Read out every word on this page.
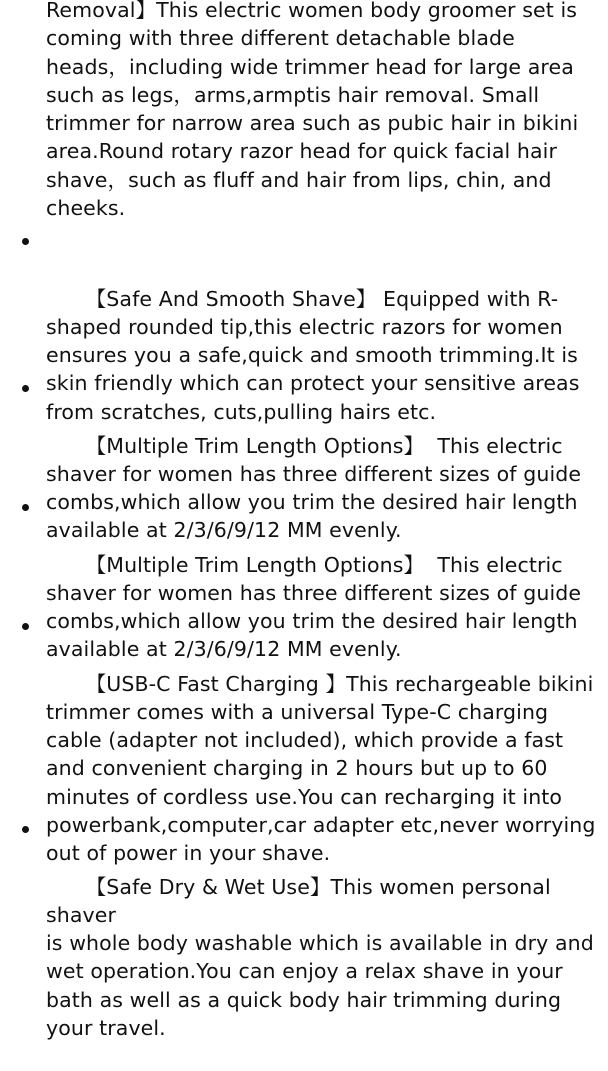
Removal】This electric women body groomer set is
coming with three different detachable blade
heads，including wide trimmer head for large area
such as legs，arms,armptis hair removal. Small
trimmer for narrow area such as pubic hair in bikini
area.Round rotary razor head for quick facial hair
shave，such as fluff and hair from lips, chin, and
cheeks.

【Safe And Smooth Shave】 Equipped with R-
shaped rounded tip,this electric razors for women
ensures you a safe,quick and smooth trimming.It is
skin friendly which can protect your sensitive areas
from scratches, cuts,pulling hairs etc.

【Multiple Trim Length Options】  This electric
shaver for women has three different sizes of guide
combs,which allow you trim the desired hair length
available at 2/3/6/9/12 MM evenly.

【Multiple Trim Length Options】  This electric
shaver for women has three different sizes of guide
combs,which allow you trim the desired hair length
available at 2/3/6/9/12 MM evenly.

【USB-C Fast Charging 】This rechargeable bikini
trimmer comes with a universal Type-C charging
cable (adapter not included), which provide a fast
and convenient charging in 2 hours but up to 60
minutes of cordless use.You can recharging it into
powerbank,computer,car adapter etc,never worrying
out of power in your shave.

【Safe Dry & Wet Use】This women personal shaver
is whole body washable which is available in dry and
wet operation.You can enjoy a relax shave in your
bath as well as a quick body hair trimming during
your travel.
